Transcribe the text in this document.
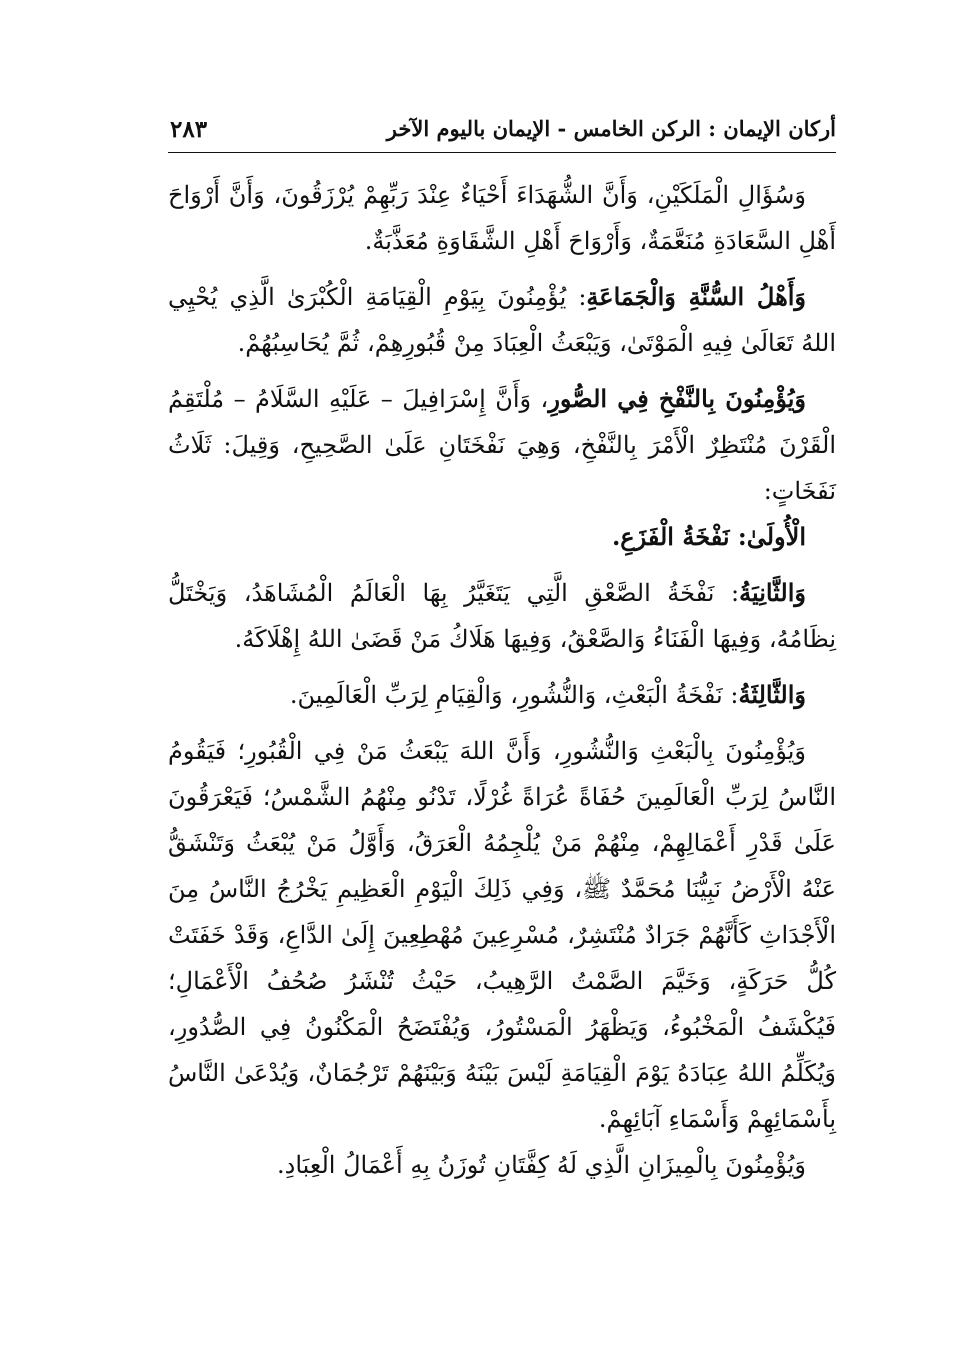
أركان الإيمان : الركن الخامس - الإيمان باليوم الآخر
٢٨٣

وَسُؤَالِ الْمَلَكَيْنِ، وَأَنَّ الشُّهَدَاءَ أَحْيَاءٌ عِنْدَ رَبِّهِمْ يُرْزَقُونَ، وَأَنَّ أَرْوَاحَ أَهْلِ السَّعَادَةِ مُنَعَّمَةٌ، وَأَرْوَاحَ أَهْلِ الشَّقَاوَةِ مُعَذَّبَةٌ.

وَأَهْلُ السُّنَّةِ وَالْجَمَاعَةِ: يُؤْمِنُونَ بِيَوْمِ الْقِيَامَةِ الْكُبْرَىٰ الَّذِي يُحْيِي اللهُ تَعَالَىٰ فِيهِ الْمَوْتَىٰ، وَيَبْعَثُ الْعِبَادَ مِنْ قُبُورِهِمْ، ثُمَّ يُحَاسِبُهُمْ.

وَيُؤْمِنُونَ بِالنَّفْخِ فِي الصُّورِ، وَأَنَّ إِسْرَافِيلَ – عَلَيْهِ السَّلَامُ – مُلْتَقِمُ الْقَرْنَ مُنْتَظِرٌ الْأَمْرَ بِالنَّفْخِ، وَهِيَ نَفْخَتَانِ عَلَىٰ الصَّحِيحِ، وَقِيلَ: ثَلَاثُ نَفَخَاتٍ:

الْأُولَىٰ: نَفْخَةُ الْفَزَعِ.

وَالثَّانِيَةُ: نَفْخَةُ الصَّعْقِ الَّتِي يَتَغَيَّرُ بِهَا الْعَالَمُ الْمُشَاهَدُ، وَيَخْتَلُّ نِظَامُهُ، وَفِيهَا الْفَنَاءُ وَالصَّعْقُ، وَفِيهَا هَلَاكُ مَنْ قَضَىٰ اللهُ إِهْلَاكَهُ.

وَالثَّالِثَةُ: نَفْخَةُ الْبَعْثِ، وَالنُّشُورِ، وَالْقِيَامِ لِرَبِّ الْعَالَمِينَ.

وَيُؤْمِنُونَ بِالْبَعْثِ وَالنُّشُورِ، وَأَنَّ اللهَ يَبْعَثُ مَنْ فِي الْقُبُورِ؛ فَيَقُومُ النَّاسُ لِرَبِّ الْعَالَمِينَ حُفَاةً عُرَاةً غُرْلًا، تَدْنُو مِنْهُمُ الشَّمْسُ؛ فَيَعْرَقُونَ عَلَىٰ قَدْرِ أَعْمَالِهِمْ، مِنْهُمْ مَنْ يُلْجِمُهُ الْعَرَقُ، وَأَوَّلُ مَنْ يُبْعَثُ وَتَنْشَقُّ عَنْهُ الْأَرْضُ نَبِيُّنَا مُحَمَّدٌ ﷺ، وَفِي ذَلِكَ الْيَوْمِ الْعَظِيمِ يَخْرُجُ النَّاسُ مِنَ الْأَجْدَاثِ كَأَنَّهُمْ جَرَادٌ مُنْتَشِرٌ، مُسْرِعِينَ مُهْطِعِينَ إِلَىٰ الدَّاعِ، وَقَدْ خَفَتَتْ كُلُّ حَرَكَةٍ، وَخَيَّمَ الصَّمْتُ الرَّهِيبُ، حَيْثُ تُنْشَرُ صُحُفُ الْأَعْمَالِ؛ فَيُكْشَفُ الْمَخْبُوءُ، وَيَظْهَرُ الْمَسْتُورُ، وَيُفْتَضَحُ الْمَكْنُونُ فِي الصُّدُورِ، وَيُكَلِّمُ اللهُ عِبَادَهُ يَوْمَ الْقِيَامَةِ لَيْسَ بَيْنَهُ وَبَيْنَهُمْ تَرْجُمَانٌ، وَيُدْعَىٰ النَّاسُ بِأَسْمَائِهِمْ وَأَسْمَاءِ آبَائِهِمْ.

وَيُؤْمِنُونَ بِالْمِيزَانِ الَّذِي لَهُ كِفَّتَانِ تُوزَنُ بِهِ أَعْمَالُ الْعِبَادِ.
